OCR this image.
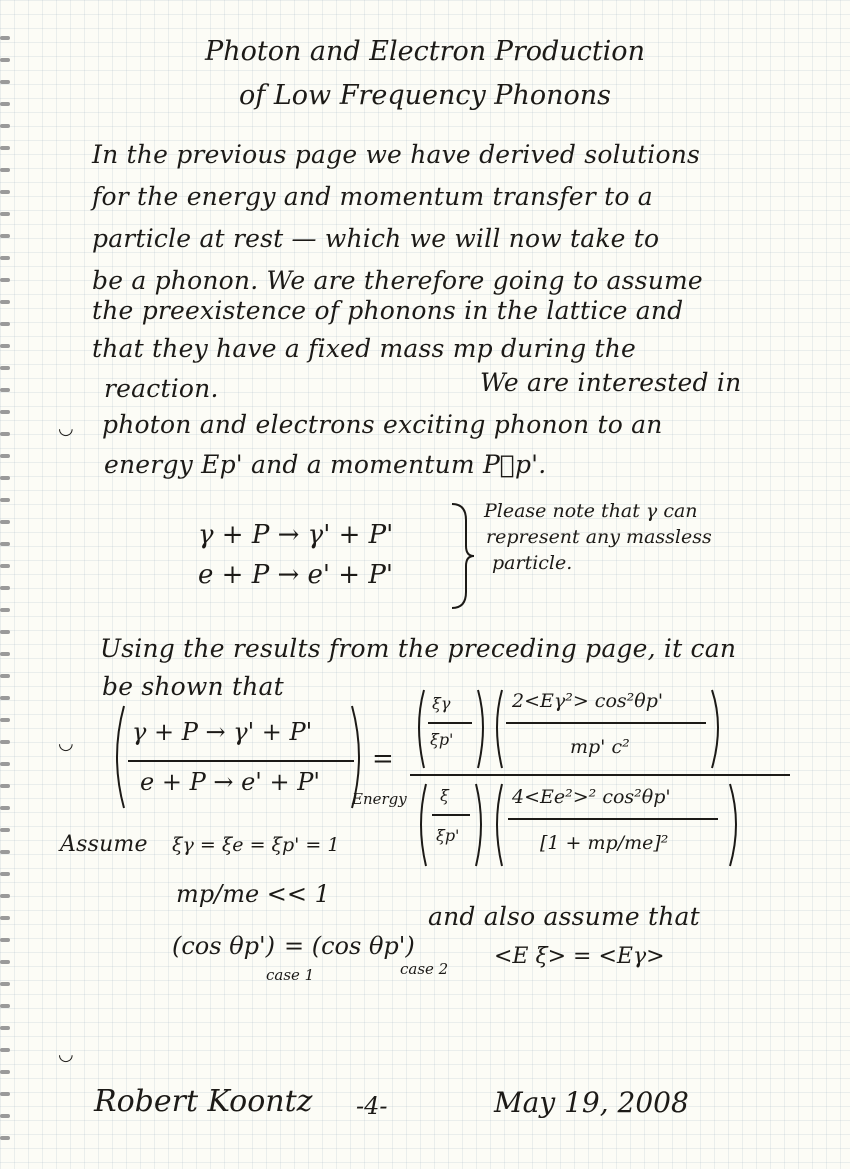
◡
◡
◡
Photon and Electron Production
of Low Frequency Phonons
In the previous page we have derived solutions
for the energy and momentum transfer to a
particle at rest — which we will now take to
be a phonon. We are therefore going to assume
the preexistence of phonons in the lattice and
that they have a fixed mass mp during the
reaction.	We are interested in
photon and electrons exciting phonon to an
energy Ep' and a momentum P⃗p'.
γ + P → γ' + P'
e + P → e' + P'
Please note that γ can
represent any massless
particle.
Using the results from the preceding page, it can
be shown that
γ + P → γ' + P'
e + P → e' + P'
Energy
=
ξγ
ξp'
2<Eγ²> cos²θp'
mp' c²
ξ
ξp'
4<Ee²>² cos²θp'
[1 + mp/me]²
Assume ξγ = ξe = ξp' = 1
mp/me << 1
(cos θp')
case 1
= (cos θp')
case 2
and also assume that
<E ξ> = <Eγ>
Robert Koontz -4-	May 19, 2008
